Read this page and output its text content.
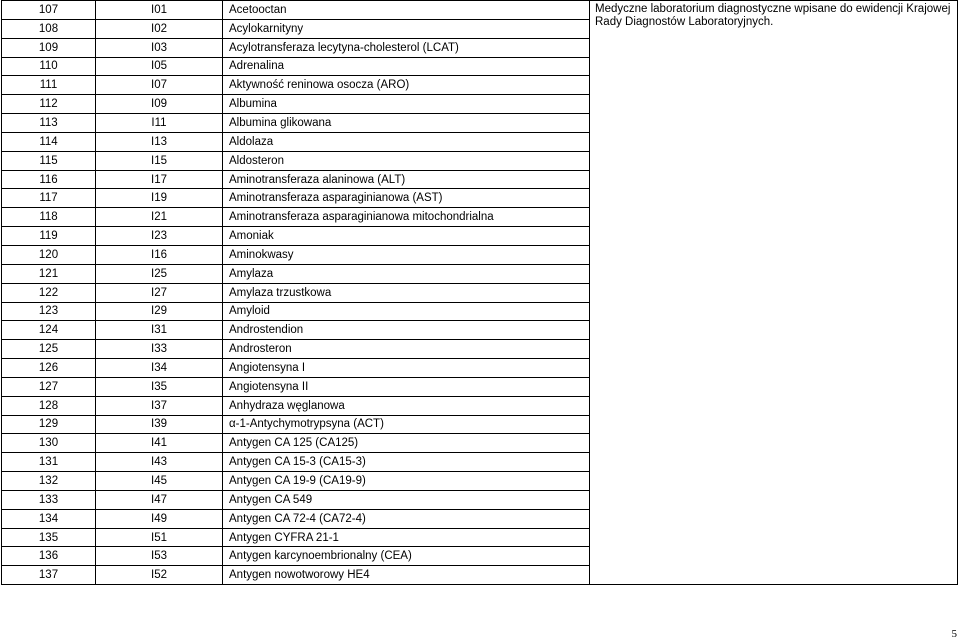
107	I01	Acetooctan	Medyczne laboratorium diagnostyczne wpisane do ewidencji Krajowej Rady Diagnostów Laboratoryjnych.
108	I02	Acylokarnityny	
109	I03	Acylotransferaza lecytyna-cholesterol (LCAT)	
110	I05	Adrenalina	
111	I07	Aktywność reninowa osocza (ARO)	
112	I09	Albumina	
113	I11	Albumina glikowana	
114	I13	Aldolaza	
115	I15	Aldosteron	
116	I17	Aminotransferaza alaninowa (ALT)	
117	I19	Aminotransferaza asparaginianowa (AST)	
118	I21	Aminotransferaza asparaginianowa mitochondrialna	
119	I23	Amoniak	
120	I16	Aminokwasy	
121	I25	Amylaza	
122	I27	Amylaza trzustkowa	
123	I29	Amyloid	
124	I31	Androstendion	
125	I33	Androsteron	
126	I34	Angiotensyna I	
127	I35	Angiotensyna II	
128	I37	Anhydraza węglanowa	
129	I39	α-1-Antychymotrypsyna (ACT)	
130	I41	Antygen CA 125 (CA125)	
131	I43	Antygen CA 15-3 (CA15-3)	
132	I45	Antygen CA 19-9 (CA19-9)	
133	I47	Antygen CA 549	
134	I49	Antygen CA 72-4 (CA72-4)	
135	I51	Antygen CYFRA 21-1	
136	I53	Antygen karcynoembrionalny (CEA)	
137	I52	Antygen nowotworowy HE4	
5
